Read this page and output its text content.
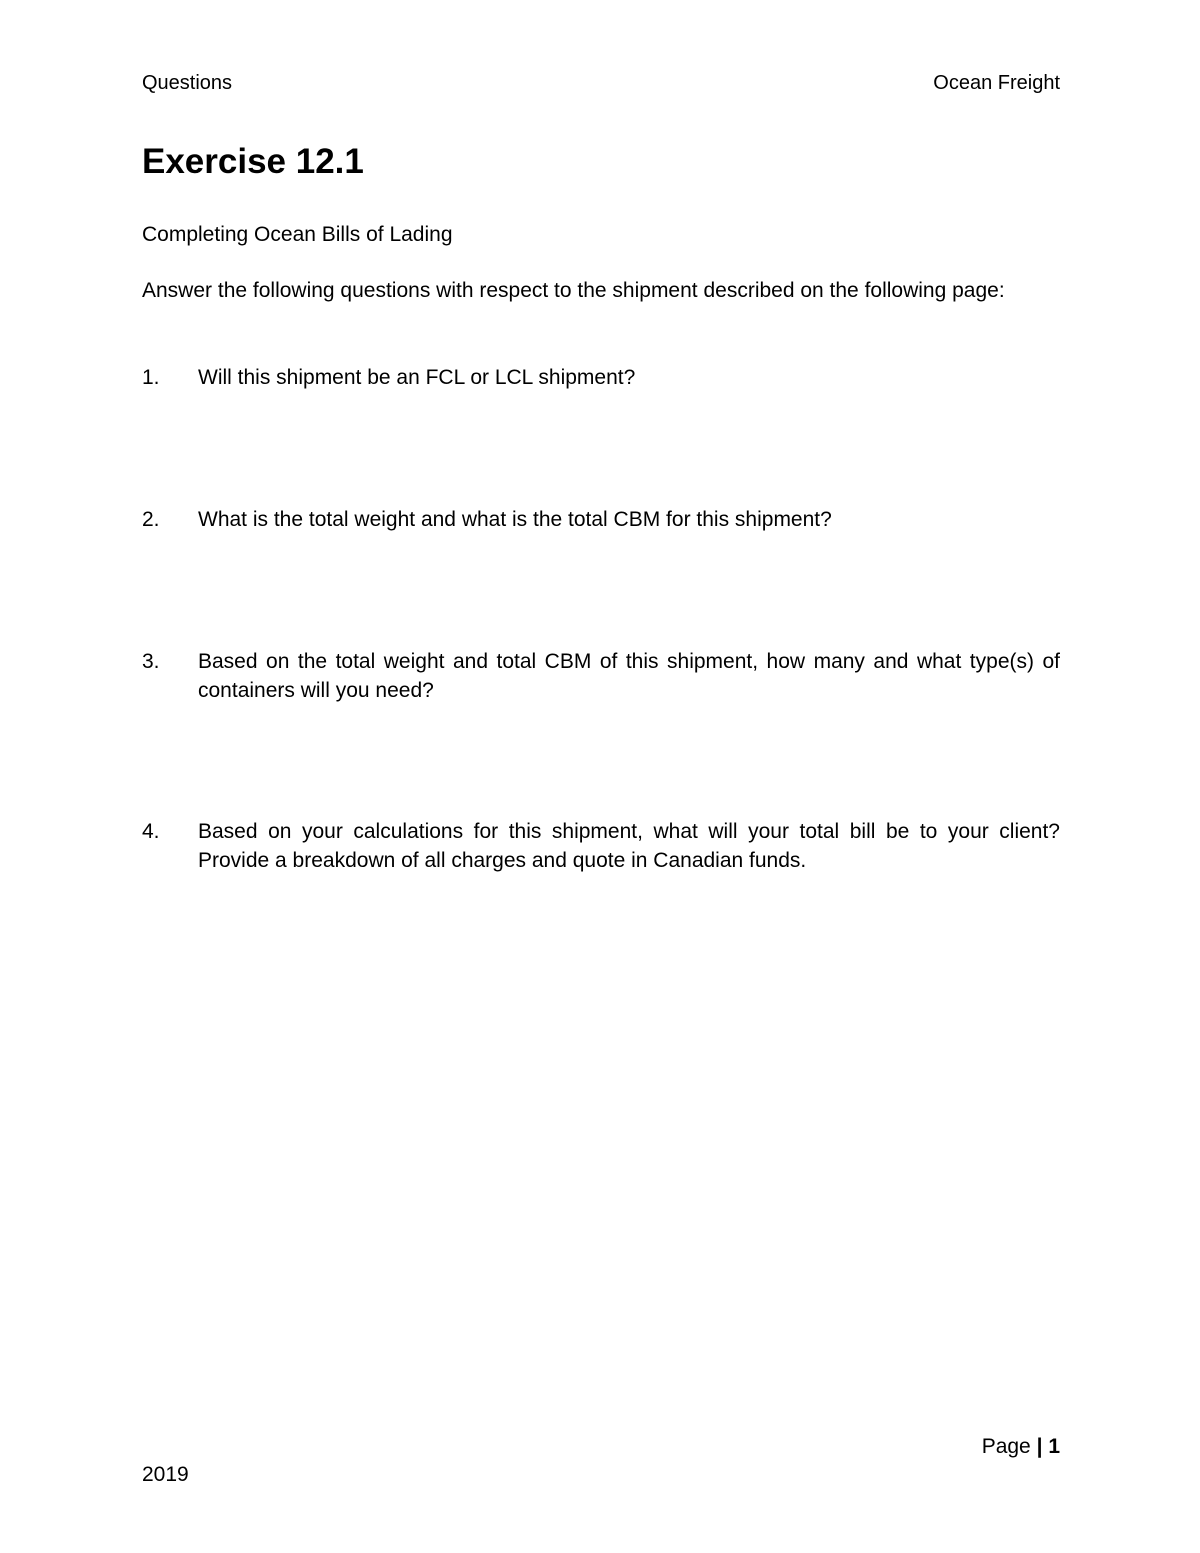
Questions	Ocean Freight
Exercise 12.1
Completing Ocean Bills of Lading
Answer the following questions with respect to the shipment described on the following page:
1.	Will this shipment be an FCL or LCL shipment?
2.	What is the total weight and what is the total CBM for this shipment?
3.	Based on the total weight and total CBM of this shipment, how many and what type(s) of containers will you need?
4.	Based on your calculations for this shipment, what will your total bill be to your client? Provide a breakdown of all charges and quote in Canadian funds.
Page | 1
2019
